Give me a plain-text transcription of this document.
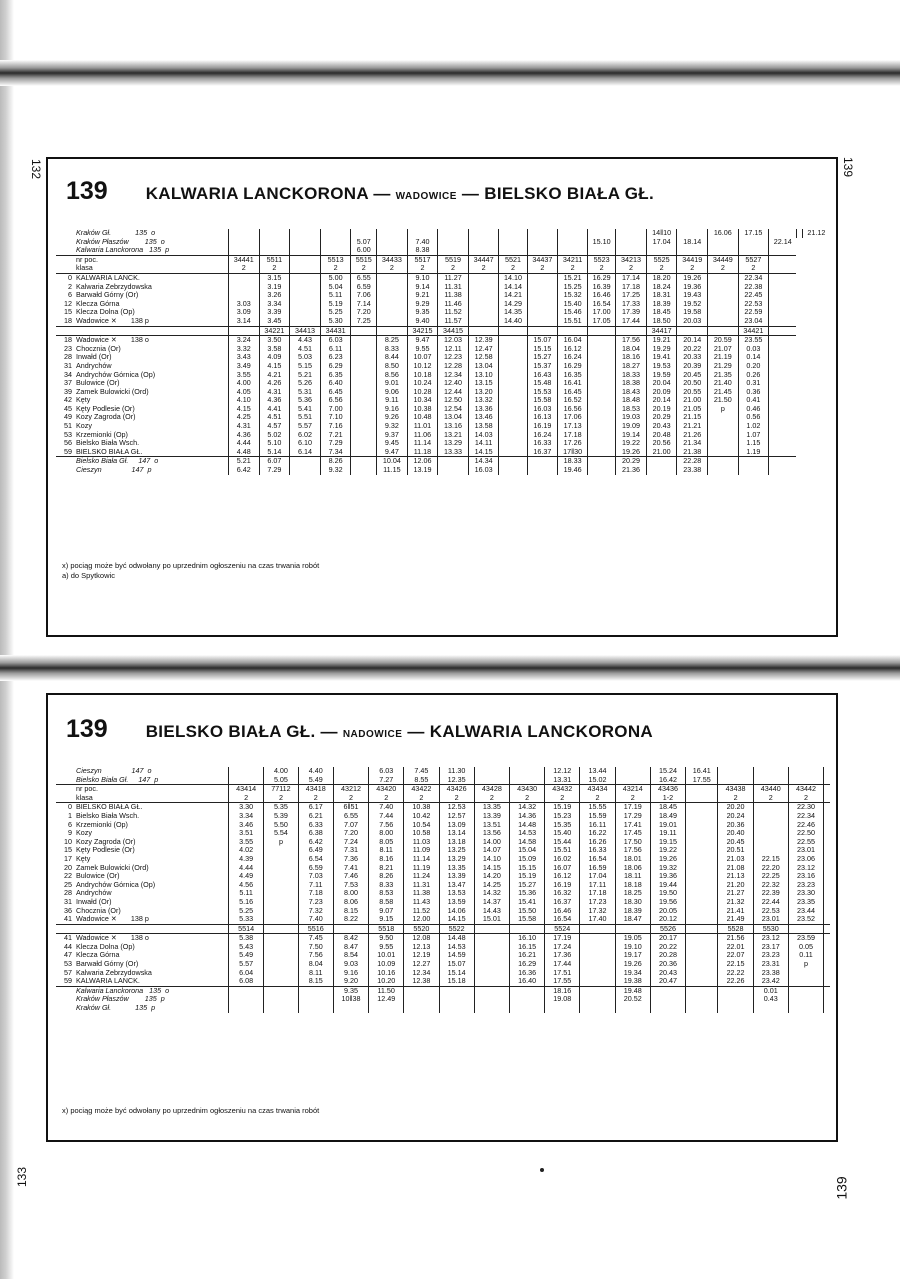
132	139
133	139
139 KALWARIA LANCKORONA — WADOWICE — BIELSKO BIAŁA GŁ.
	Kraków Gł.            135  o															14‖10		16.06	17.15			21.12
	Kraków Płaszów        135  o					5.07		7.40						15.10		17.04	18.14			22.14		
	Kalwaria Lanckorona   135  p					6.00		8.38														
	nr poc.	34441	5511		5513	5515	34433	5517	5519	34447	5521	34437	34211	5523	34213	5525	34419	34449	5527			
	klasa	2	2		2	2	2	2	2	2	2	2	2	2	2	2	2	2	2			
0	KALWARIA LANCK.		3.15		5.00	6.55		9.10	11.27		14.10		15.21	16.29	17.14	18.20	19.26		22.34			
2	Kalwaria Zebrzydowska		3.19		5.04	6.59		9.14	11.31		14.14		15.25	16.39	17.18	18.24	19.36		22.38			
6	Barwałd Górny (Or)		3.26		5.11	7.06		9.21	11.38		14.21		15.32	16.46	17.25	18.31	19.43		22.45			
12	Klecza Górna	3.03	3.34		5.19	7.14		9.29	11.46		14.29		15.40	16.54	17.33	18.39	19.52		22.53			
15	Klecza Dolna (Op)	3.09	3.39		5.25	7.20		9.35	11.52		14.35		15.46	17.00	17.39	18.45	19.58		22.59			
18	Wadowice ✕       138 p	3.14	3.45		5.30	7.25		9.40	11.57		14.40		15.51	17.05	17.44	18.50	20.03		23.04			
			34221	34413	34431			34215	34415							34417			34421			
18	Wadowice ✕       138 o	3.24	3.50	4.43	6.03		8.25	9.47	12.03	12.39		15.07	16.04		17.56	19.21	20.14	20.59	23.55			
23	Chocznia (Or)	3.32	3.58	4.51	6.11		8.33	9.55	12.11	12.47		15.15	16.12		18.04	19.29	20.22	21.07	0.03			
28	Inwałd (Or)	3.43	4.09	5.03	6.23		8.44	10.07	12.23	12.58		15.27	16.24		18.16	19.41	20.33	21.19	0.14			
31	Andrychów	3.49	4.15	5.15	6.29		8.50	10.12	12.28	13.04		15.37	16.29		18.27	19.53	20.39	21.29	0.20			
34	Andrychów Górnica (Op)	3.55	4.21	5.21	6.35		8.56	10.18	12.34	13.10		16.43	16.35		18.33	19.59	20.45	21.35	0.26			
37	Bulowice (Or)	4.00	4.26	5.26	6.40		9.01	10.24	12.40	13.15		15.48	16.41		18.38	20.04	20.50	21.40	0.31			
39	Zamek Bulowicki (Ord)	4.05	4.31	5.31	6.45		9.06	10.28	12.44	13.20		15.53	16.45		18.43	20.09	20.55	21.45	0.36			
42	Kęty	4.10	4.36	5.36	6.56		9.11	10.34	12.50	13.32		15.58	16.52		18.48	20.14	21.00	21.50	0.41			
45	Kęty Podlesie (Or)	4.15	4.41	5.41	7.00		9.16	10.38	12.54	13.36		16.03	16.56		18.53	20.19	21.05	p	0.46			
49	Kozy Zagroda (Or)	4.25	4.51	5.51	7.10		9.26	10.48	13.04	13.46		16.13	17.06		19.03	20.29	21.15		0.56			
51	Kozy	4.31	4.57	5.57	7.16		9.32	11.01	13.16	13.58		16.19	17.13		19.09	20.43	21.21		1.02			
53	Krzemionki (Op)	4.36	5.02	6.02	7.21		9.37	11.06	13.21	14.03		16.24	17.18		19.14	20.48	21.26		1.07			
56	Bielsko Biała Wsch.	4.44	5.10	6.10	7.29		9.45	11.14	13.29	14.11		16.33	17.26		19.22	20.56	21.34		1.15			
59	BIELSKO BIAŁA GŁ.	4.48	5.14	6.14	7.34		9.47	11.18	13.33	14.15		16.37	17‖30		19.26	21.00	21.38		1.19			
	Bielsko Biała Gł.     147  o	5.21	6.07		8.26		10.04	12.06		14.34			18.33		20.29		22.28					
	Cieszyn               147  p	6.42	7.29		9.32		11.15	13.19		16.03			19.46		21.36		23.38					
x) pociąg może być odwołany po uprzednim ogłoszeniu na czas trwania robót
a) do Spytkowic
139 BIELSKO BIAŁA GŁ. — NADOWICE — KALWARIA LANCKORONA
	Cieszyn               147  o		4.00	4.40		6.03	7.45	11.30			12.12	13.44		15.24	16.41				
	Bielsko Biała Gł.     147  p		5.05	5.49		7.27	8.55	12.35			13.31	15.02		16.42	17.55				
	nr poc.	43414	77112	43418	43212	43420	43422	43426	43428	43430	43432	43434	43214	43436		43438	43440	43442	
	klasa	2	2	2	2	2	2	2	2	2	2	2	2	1-2		2	2	2	
0	BIELSKO BIAŁA GŁ.	3.30	5.35	6.17	6‖51	7.40	10.38	12.53	13.35	14.32	15.19	15.55	17.19	18.45		20.20		22.30	
1	Bielsko Biała Wsch.	3.34	5.39	6.21	6.55	7.44	10.42	12.57	13.39	14.36	15.23	15.59	17.29	18.49		20.24		22.34	
6	Krzemionki (Op)	3.46	5.50	6.33	7.07	7.56	10.54	13.09	13.51	14.48	15.35	16.11	17.41	19.01		20.36		22.46	
9	Kozy	3.51	5.54	6.38	7.20	8.00	10.58	13.14	13.56	14.53	15.40	16.22	17.45	19.11		20.40		22.50	
10	Kozy Zagroda (Or)	3.55	p	6.42	7.24	8.05	11.03	13.18	14.00	14.58	15.44	16.26	17.50	19.15		20.45		22.55	
15	Kęty Podlesie (Or)	4.02		6.49	7.31	8.11	11.09	13.25	14.07	15.04	15.51	16.33	17.56	19.22		20.51		23.01	
17	Kęty	4.39		6.54	7.36	8.16	11.14	13.29	14.10	15.09	16.02	16.54	18.01	19.26		21.03	22.15	23.06	
20	Zamek Bulowicki (Ord)	4.44		6.59	7.41	8.21	11.19	13.35	14.15	15.15	16.07	16.59	18.06	19.32		21.08	22.20	23.12	
22	Bulowice (Or)	4.49		7.03	7.46	8.26	11.24	13.39	14.20	15.19	16.12	17.04	18.11	19.36		21.13	22.25	23.16	
25	Andrychów Górnica (Op)	4.56		7.11	7.53	8.33	11.31	13.47	14.25	15.27	16.19	17.11	18.18	19.44		21.20	22.32	23.23	
28	Andrychów	5.11		7.18	8.00	8.53	11.38	13.53	14.32	15.36	16.32	17.18	18.25	19.50		21.27	22.39	23.30	
31	Inwałd (Or)	5.16		7.23	8.06	8.58	11.43	13.59	14.37	15.41	16.37	17.23	18.30	19.56		21.32	22.44	23.35	
36	Chocznia (Or)	5.25		7.32	8.15	9.07	11.52	14.06	14.43	15.50	16.46	17.32	18.39	20.05		21.41	22.53	23.44	
41	Wadowice ✕       138 p	5.33		7.40	8.22	9.15	12.00	14.15	15.01	15.58	16.54	17.40	18.47	20.12		21.49	23.01	23.52	
		5514		5516		5518	5520	5522			5524			5526		5528	5530		
41	Wadowice ✕       138 o	5.38		7.45	8.42	9.50	12.08	14.48		16.10	17.19		19.05	20.17		21.56	23.12	23.59	
44	Klecza Dolna (Op)	5.43		7.50	8.47	9.55	12.13	14.53		16.15	17.24		19.10	20.22		22.01	23.17	0.05	
47	Klecza Górna	5.49		7.56	8.54	10.01	12.19	14.59		16.21	17.36		19.17	20.28		22.07	23.23	0.11	
53	Barwałd Górny (Or)	5.57		8.04	9.03	10.09	12.27	15.07		16.29	17.44		19.26	20.36		22.15	23.31	p	
57	Kalwaria Zebrzydowska	6.04		8.11	9.16	10.16	12.34	15.14		16.36	17.51		19.34	20.43		22.22	23.38		
59	KALWARIA LANCK.	6.08		8.15	9.20	10.20	12.38	15.18		16.40	17.55		19.38	20.47		22.26	23.42		
	Kalwaria Lanckorona   135  o				9.35	11.50					18.16		19.48				0.01		
	Kraków Płaszów        135  p				10‖38	12.49					19.08		20.52				0.43		
	Kraków Gł.            135  p																		
x) pociąg może być odwołany po uprzednim ogłoszeniu na czas trwania robót
